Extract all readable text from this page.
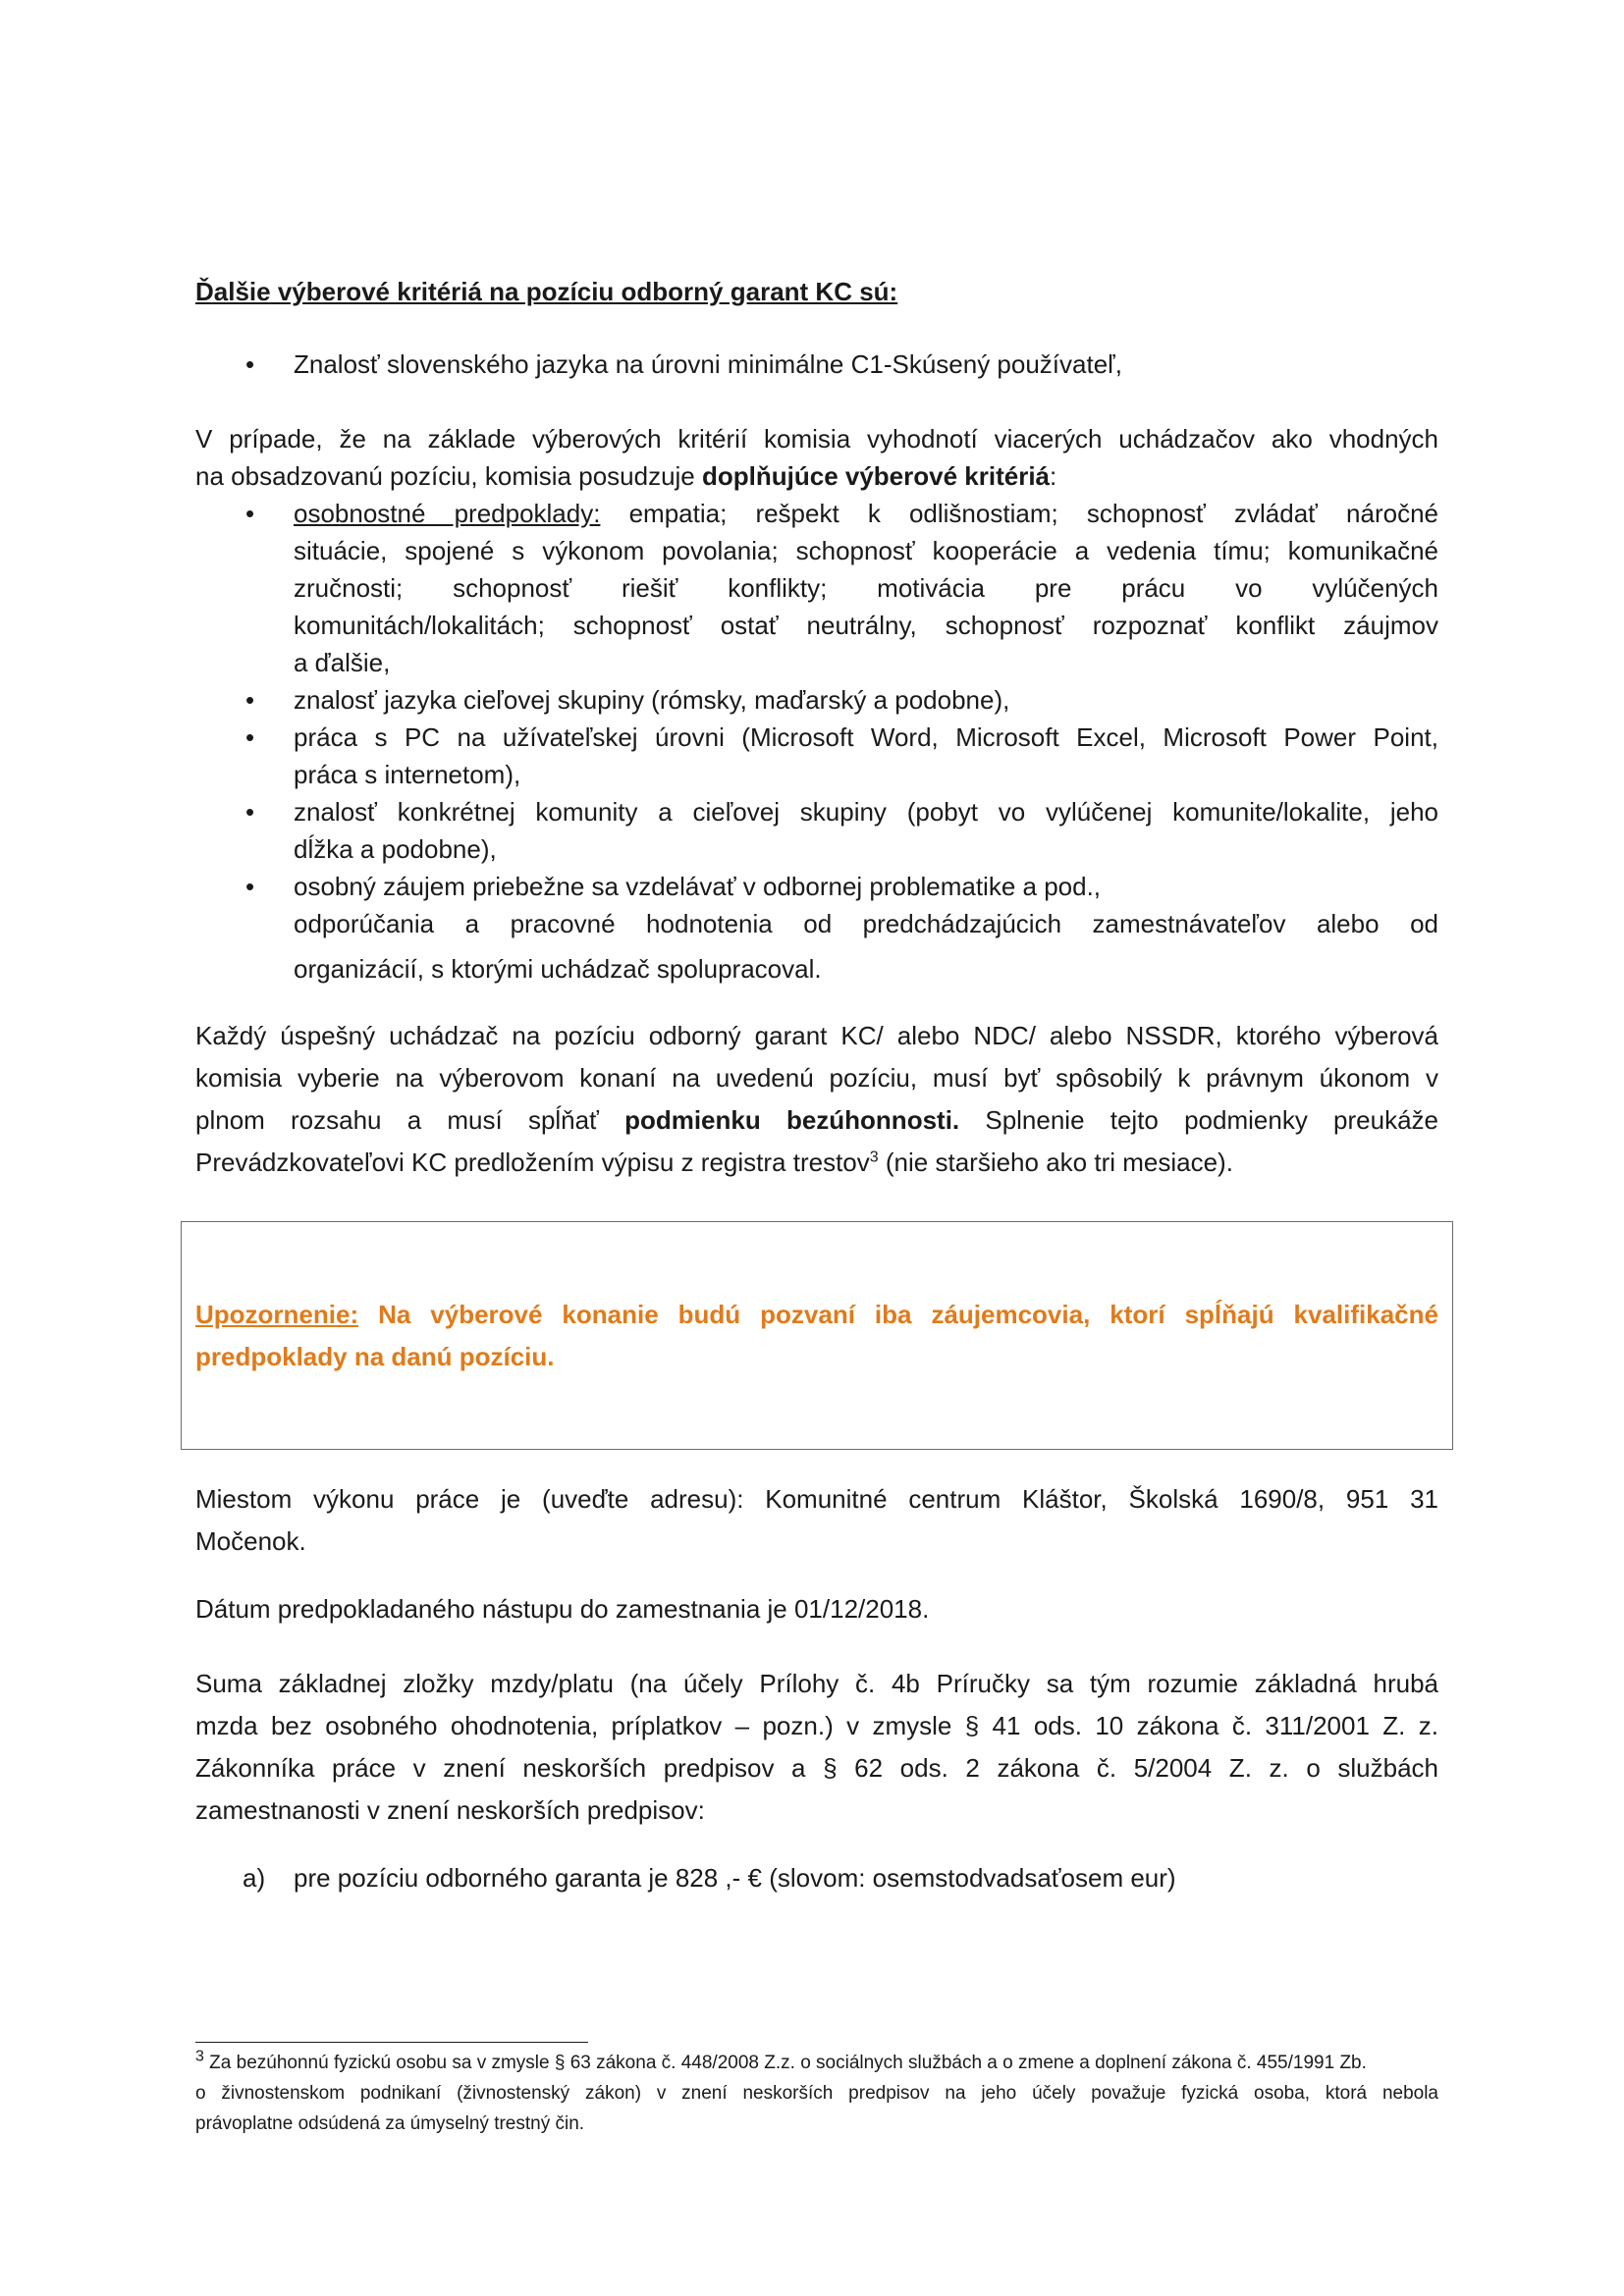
Ďalšie výberové kritériá na pozíciu odborný garant KC sú:
• Znalosť slovenského jazyka na úrovni minimálne C1-Skúsený používateľ,
V prípade, že na základe výberových kritérií komisia vyhodnotí viacerých uchádzačov ako vhodných
na obsadzovanú pozíciu, komisia posudzuje doplňujúce výberové kritériá:
• osobnostné predpoklady: empatia; rešpekt k odlišnostiam; schopnosť zvládať náročné
situácie, spojené s výkonom povolania; schopnosť kooperácie a vedenia tímu; komunikačné
zručnosti; schopnosť riešiť konflikty; motivácia pre prácu vo vylúčených
komunitách/lokalitách; schopnosť ostať neutrálny, schopnosť rozpoznať konflikt záujmov
a ďalšie,
• znalosť jazyka cieľovej skupiny (rómsky, maďarský a podobne),
• práca s PC na užívateľskej úrovni (Microsoft Word, Microsoft Excel, Microsoft Power Point,
práca s internetom),
• znalosť konkrétnej komunity a cieľovej skupiny (pobyt vo vylúčenej komunite/lokalite, jeho
dĺžka a podobne),
• osobný záujem priebežne sa vzdelávať v odbornej problematike a pod.,
odporúčania a pracovné hodnotenia od predchádzajúcich zamestnávateľov alebo od
organizácií, s ktorými uchádzač spolupracoval.
Každý úspešný uchádzač na pozíciu odborný garant KC/ alebo NDC/ alebo NSSDR, ktorého výberová
komisia vyberie na výberovom konaní na uvedenú pozíciu, musí byť spôsobilý k právnym úkonom v
plnom rozsahu a musí spĺňať podmienku bezúhonnosti. Splnenie tejto podmienky preukáže
Prevádzkovateľovi KC predložením výpisu z registra trestov$^3$ (nie staršieho ako tri mesiace).
Upozornenie: Na výberové konanie budú pozvaní iba záujemcovia, ktorí spĺňajú kvalifikačné
predpoklady na danú pozíciu.
Miestom výkonu práce je (uveďte adresu): Komunitné centrum Kláštor, Školská 1690/8, 951 31
Močenok.
Dátum predpokladaného nástupu do zamestnania je 01/12/2018.
Suma základnej zložky mzdy/platu (na účely Prílohy č. 4b Príručky sa tým rozumie základná hrubá
mzda bez osobného ohodnotenia, príplatkov – pozn.) v zmysle § 41 ods. 10 zákona č. 311/2001 Z. z.
Zákonníka práce v znení neskorších predpisov a § 62 ods. 2 zákona č. 5/2004 Z. z. o službách
zamestnanosti v znení neskorších predpisov:
a) pre pozíciu odborného garanta je 828 ,- € (slovom: osemstodvadsaťosem eur)
$^3$ Za bezúhonnú fyzickú osobu sa v zmysle § 63 zákona č. 448/2008 Z.z. o sociálnych službách a o zmene a doplnení zákona č. 455/1991 Zb.
o živnostenskom podnikaní (živnostenský zákon) v znení neskorších predpisov na jeho účely považuje fyzická osoba, ktorá nebola
právoplatne odsúdená za úmyselný trestný čin.
